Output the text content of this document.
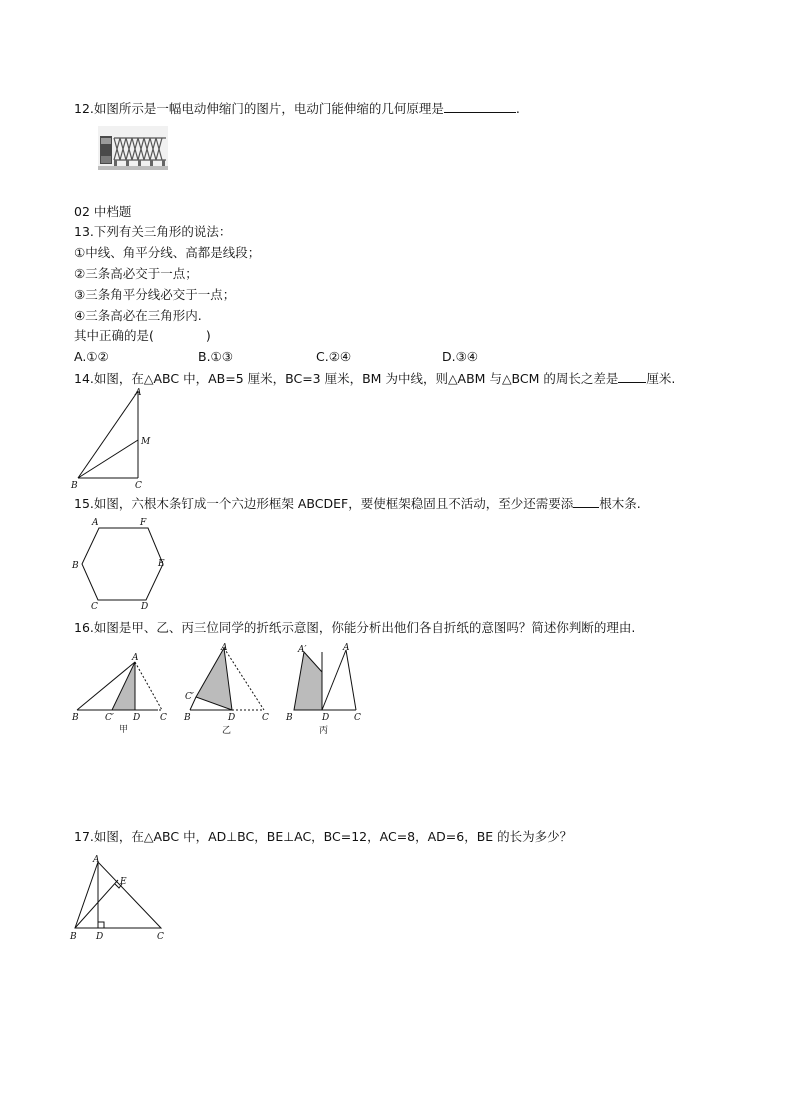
12.如图所示是一幅电动伸缩门的图片，电动门能伸缩的几何原理是	.
02 中档题
13.下列有关三角形的说法：
①中线、角平分线、高都是线段；
②三条高必交于一点；
③三条角平分线必交于一点；
④三条高必在三角形内.
其中正确的是(	)
A.①②	B.①③	C.②④	D.③④
14.如图，在△ABC 中，AB=5 厘米，BC=3 厘米，BM 为中线，则△ABM 与△BCM 的周长之差是 厘米.
A
M
B	C
15.如图，六根木条钉成一个六边形框架 ABCDEF，要使框架稳固且不活动，至少还需要添 根木条.
A	F
B	E
C	D
16.如图是甲、乙、丙三位同学的折纸示意图，你能分析出他们各自折纸的意图吗？简述你判断的理由.
A
B	C′ D C
甲
A
C′
B	D	C
乙
A′	A
B	D	C
丙
17.如图，在△ABC 中，AD⊥BC，BE⊥AC，BC=12，AC=8，AD=6，BE 的长为多少？
A
E
B D	C
